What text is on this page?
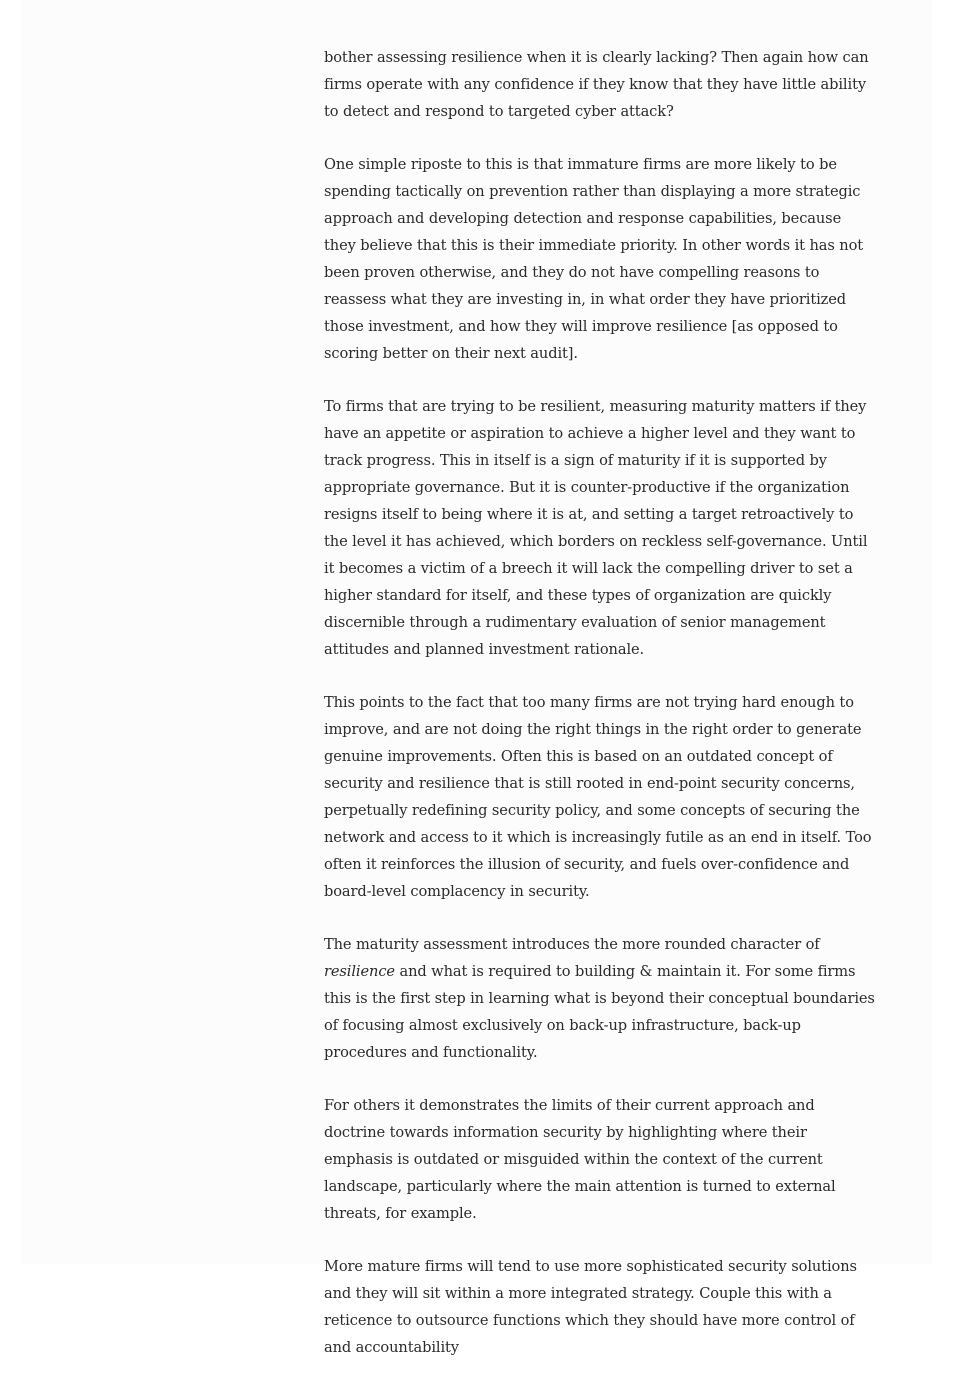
bother assessing resilience when it is clearly lacking? Then again how can firms operate with any confidence if they know that they have little ability to detect and respond to targeted cyber attack?

One simple riposte to this is that immature firms are more likely to be spending tactically on prevention rather than displaying a more strategic approach and developing detection and response capabilities, because they believe that this is their immediate priority. In other words it has not been proven otherwise, and they do not have compelling reasons to reassess what they are investing in, in what order they have prioritized those investment, and how they will improve resilience [as opposed to scoring better on their next audit].

To firms that are trying to be resilient, measuring maturity matters if they have an appetite or aspiration to achieve a higher level and they want to track progress. This in itself is a sign of maturity if it is supported by appropriate governance. But it is counter-productive if the organization resigns itself to being where it is at, and setting a target retroactively to the level it has achieved, which borders on reckless self-governance. Until it becomes a victim of a breech it will lack the compelling driver to set a higher standard for itself, and these types of organization are quickly discernible through a rudimentary evaluation of senior management attitudes and planned investment rationale.

This points to the fact that too many firms are not trying hard enough to improve, and are not doing the right things in the right order to generate genuine improvements. Often this is based on an outdated concept of security and resilience that is still rooted in end-point security concerns, perpetually redefining security policy, and some concepts of securing the network and access to it which is increasingly futile as an end in itself. Too often it reinforces the illusion of security, and fuels over-confidence and board-level complacency in security.

The maturity assessment introduces the more rounded character of resilience and what is required to building & maintain it. For some firms this is the first step in learning what is beyond their conceptual boundaries of focusing almost exclusively on back-up infrastructure, back-up procedures and functionality.

For others it demonstrates the limits of their current approach and doctrine towards information security by highlighting where their emphasis is outdated or misguided within the context of the current landscape, particularly where the main attention is turned to external threats, for example.

More mature firms will tend to use more sophisticated security solutions and they will sit within a more integrated strategy. Couple this with a reticence to outsource functions which they should have more control of and accountability
